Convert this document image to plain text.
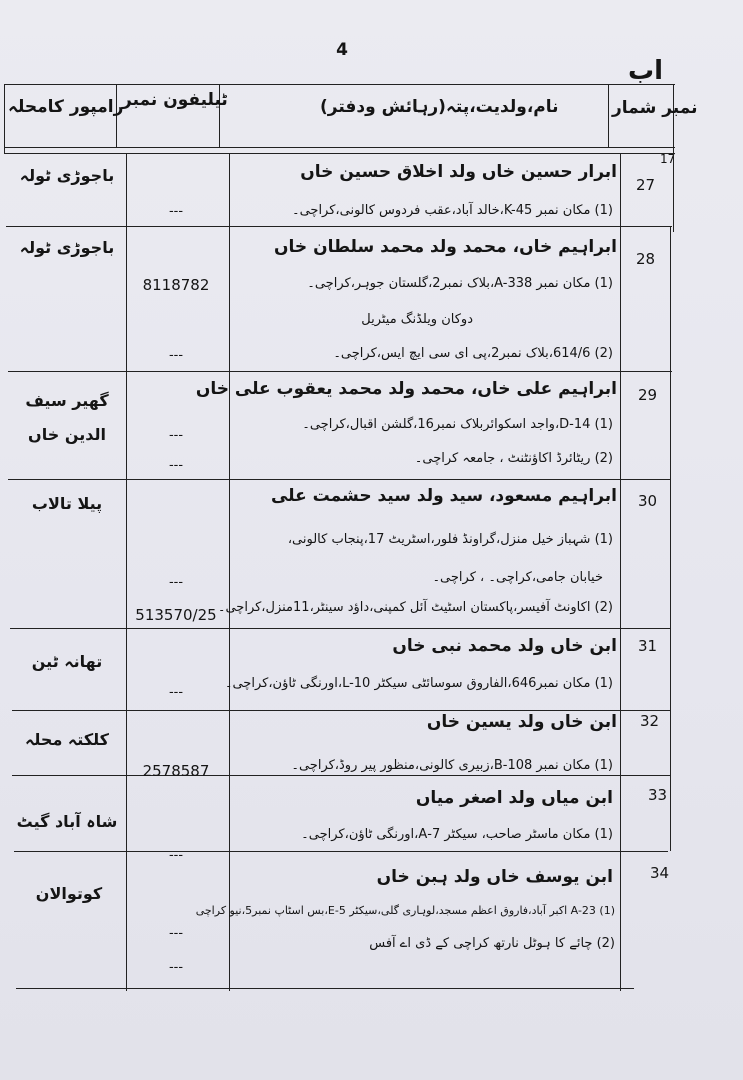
4
اب
17
نمبر شمار
نام،ولدیت،پتہ(رہائش ودفتر)
ٹیلیفون نمبر
رامپور کامحلہ
27
ابرار حسین خاں ولد اخلاق حسین خاں
(1) مکان نمبر K-45،خالد آباد،عقب فردوس کالونی،کراچی۔
---
باجوڑی ٹولہ
28
ابراہیم خاں، محمد ولد محمد سلطان خاں
(1) مکان نمبر A-338،بلاک نمبر2،گلستان جوہر،کراچی۔
دوکان ویلڈنگ میٹریل
(2) 614/6،بلاک نمبر2،پی ای سی ایچ ایس،کراچی۔
8118782
---
باجوڑی ٹولہ
29
ابراہیم علی خاں، محمد ولد محمد یعقوب علی خاں
(1) D-14،واجد اسکوائربلاک نمبر16،گلشن اقبال،کراچی۔
(2) ریٹائرڈ اکاؤنٹنٹ ، جامعہ کراچی۔
---
---
گھیر سیف الدین خاں
30
ابراہیم مسعود، سید ولد سید حشمت علی
(1) شہباز خیل منزل،گراونڈ فلور،اسٹریٹ 17،پنجاب کالونی،
خیابان جامی،کراچی۔ ، کراچی۔
(2) اکاونٹ آفیسر،پاکستان اسٹیٹ آئل کمپنی،داؤد سینٹر،11منزل،کراچی۔
---
513570/25
پیلا تالاب
31
ابن خاں ولد محمد نبی خاں
(1) مکان نمبر646،الفاروق سوسائٹی سیکٹر L-10،اورنگی ٹاؤن،کراچی۔
---
تھانہ ٹین
32
ابن خاں ولد یسین خاں
(1) مکان نمبر B-108،زبیری کالونی،منظور پیر روڈ،کراچی۔
2578587
کلکتہ محلہ
33
ابن میاں ولد اصغر میاں
(1) مکان ماسٹر صاحب، سیکٹر 7-A،اورنگی ٹاؤن،کراچی۔
---
شاہ آباد گیٹ
34
ابن یوسف خاں ولد ہبن خاں
(1) A-23 اکبر آباد،فاروق اعظم مسجد،لوہاری گلی،سیکٹر 5-E،بس اسٹاپ نمبر5،نیو کراچی
(2) چائے کا ہوٹل نارتھ کراچی کے ڈی اے آفس
---
---
کوتوالان
